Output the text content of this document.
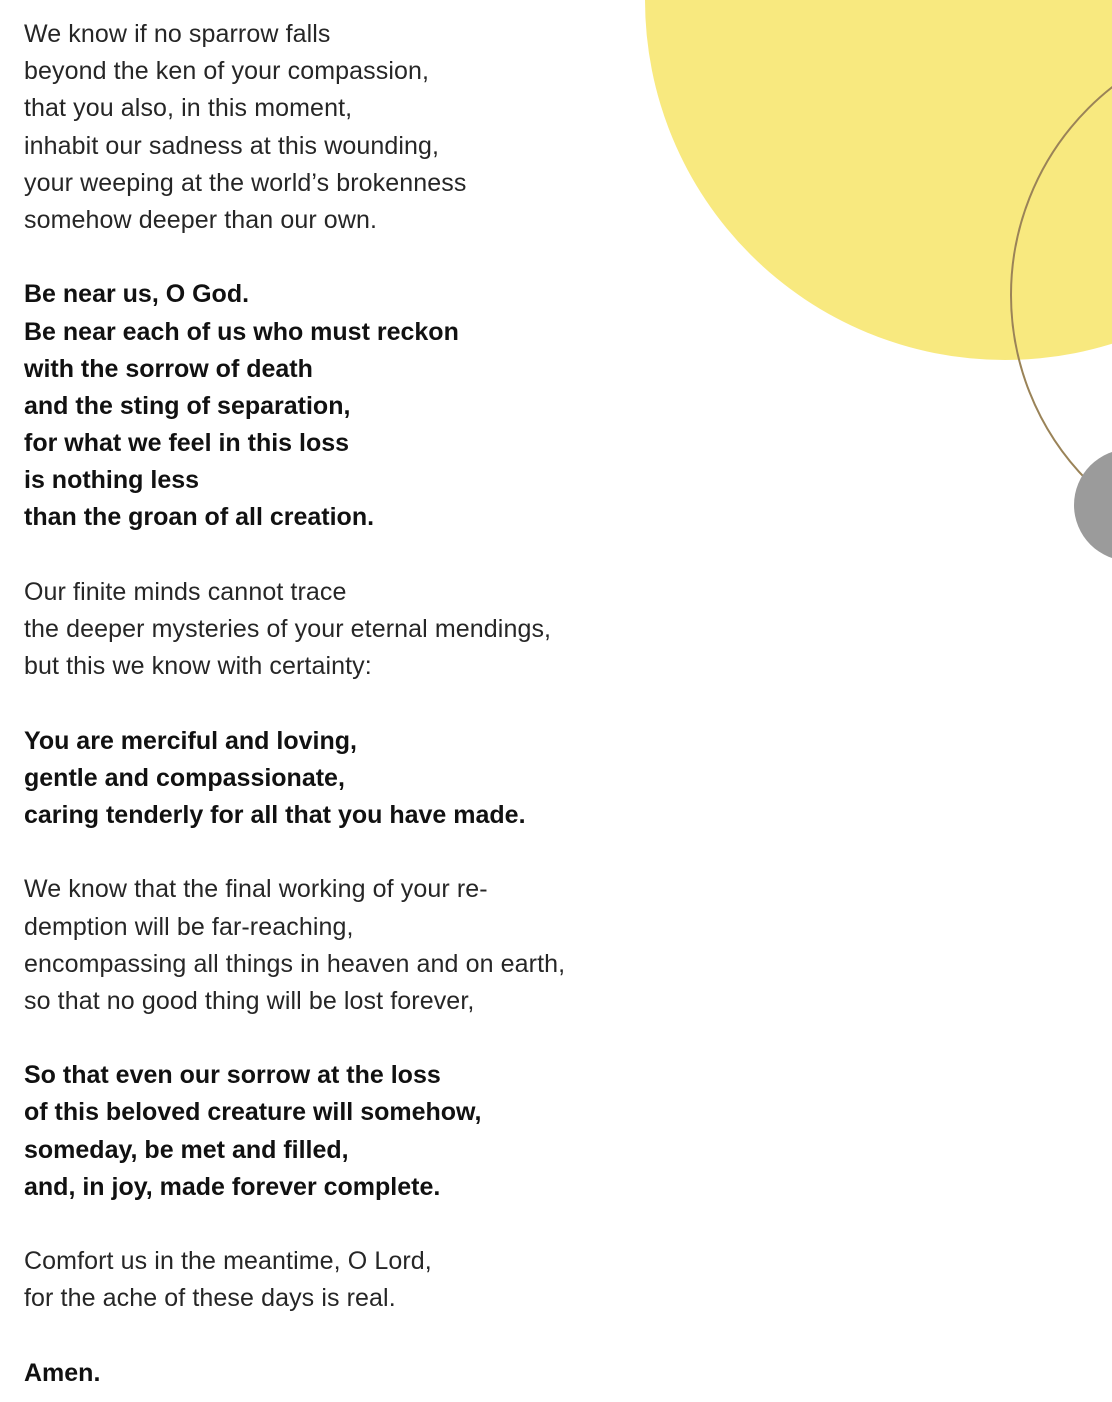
We know if no sparrow falls
beyond the ken of your compassion,
that you also, in this moment,
inhabit our sadness at this wounding,
your weeping at the world’s brokenness
somehow deeper than our own.
Be near us, O God.
Be near each of us who must reckon
with the sorrow of death
and the sting of separation,
for what we feel in this loss
is nothing less
than the groan of all creation.
Our finite minds cannot trace
the deeper mysteries of your eternal mendings,
but this we know with certainty:
You are merciful and loving,
gentle and compassionate,
caring tenderly for all that you have made.
We know that the final working of your re-
demption will be far-reaching,
encompassing all things in heaven and on earth,
so that no good thing will be lost forever,
So that even our sorrow at the loss
of this beloved creature will somehow,
someday, be met and filled,
and, in joy, made forever complete.
Comfort us in the meantime, O Lord,
for the ache of these days is real.
Amen.
